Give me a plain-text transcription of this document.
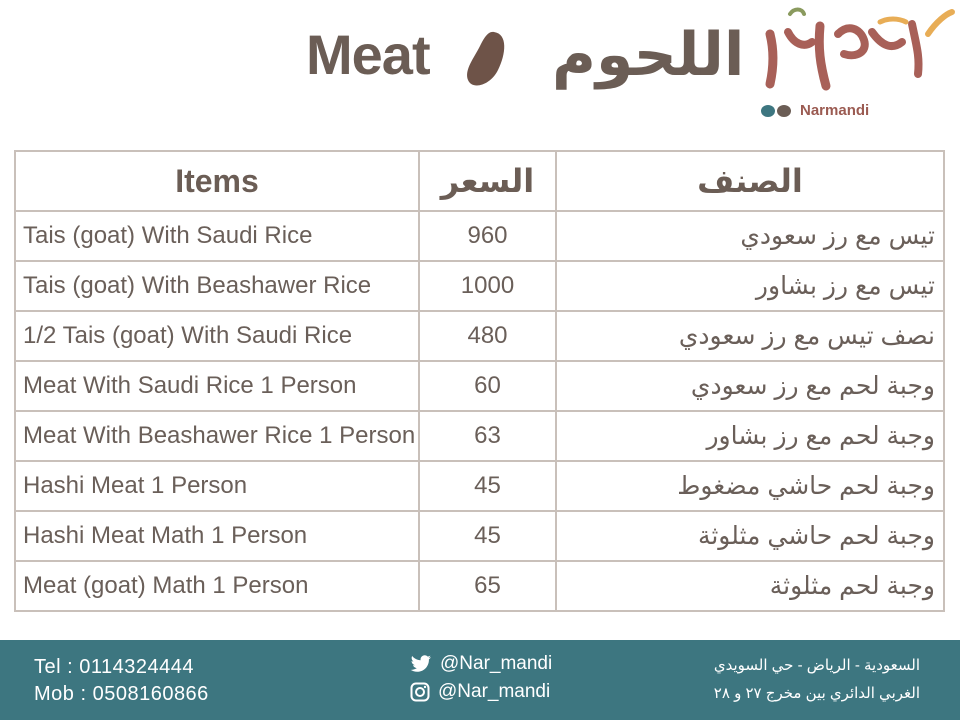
Meat اللحوم
Narmandi
Items	السعر	الصنف
Tais (goat) With Saudi Rice	960	تيس مع رز سعودي
Tais (goat) With Beashawer Rice	1000	تيس مع رز بشاور
1/2 Tais (goat) With Saudi Rice	480	نصف تيس مع رز سعودي
Meat With Saudi Rice 1 Person	60	وجبة لحم مع رز سعودي
Meat With Beashawer Rice 1 Person	63	وجبة لحم مع رز بشاور
Hashi Meat 1 Person	45	وجبة لحم حاشي مضغوط
Hashi Meat Math 1 Person	45	وجبة لحم حاشي مثلوثة
Meat (goat) Math 1 Person	65	وجبة لحم مثلوثة
Tel : 0114324444
Mob : 0508160866
@Nar_mandi
@Nar_mandi
السعودية - الرياض - حي السويدي
الغربي الدائري بين مخرج ٢٧ و ٢٨
